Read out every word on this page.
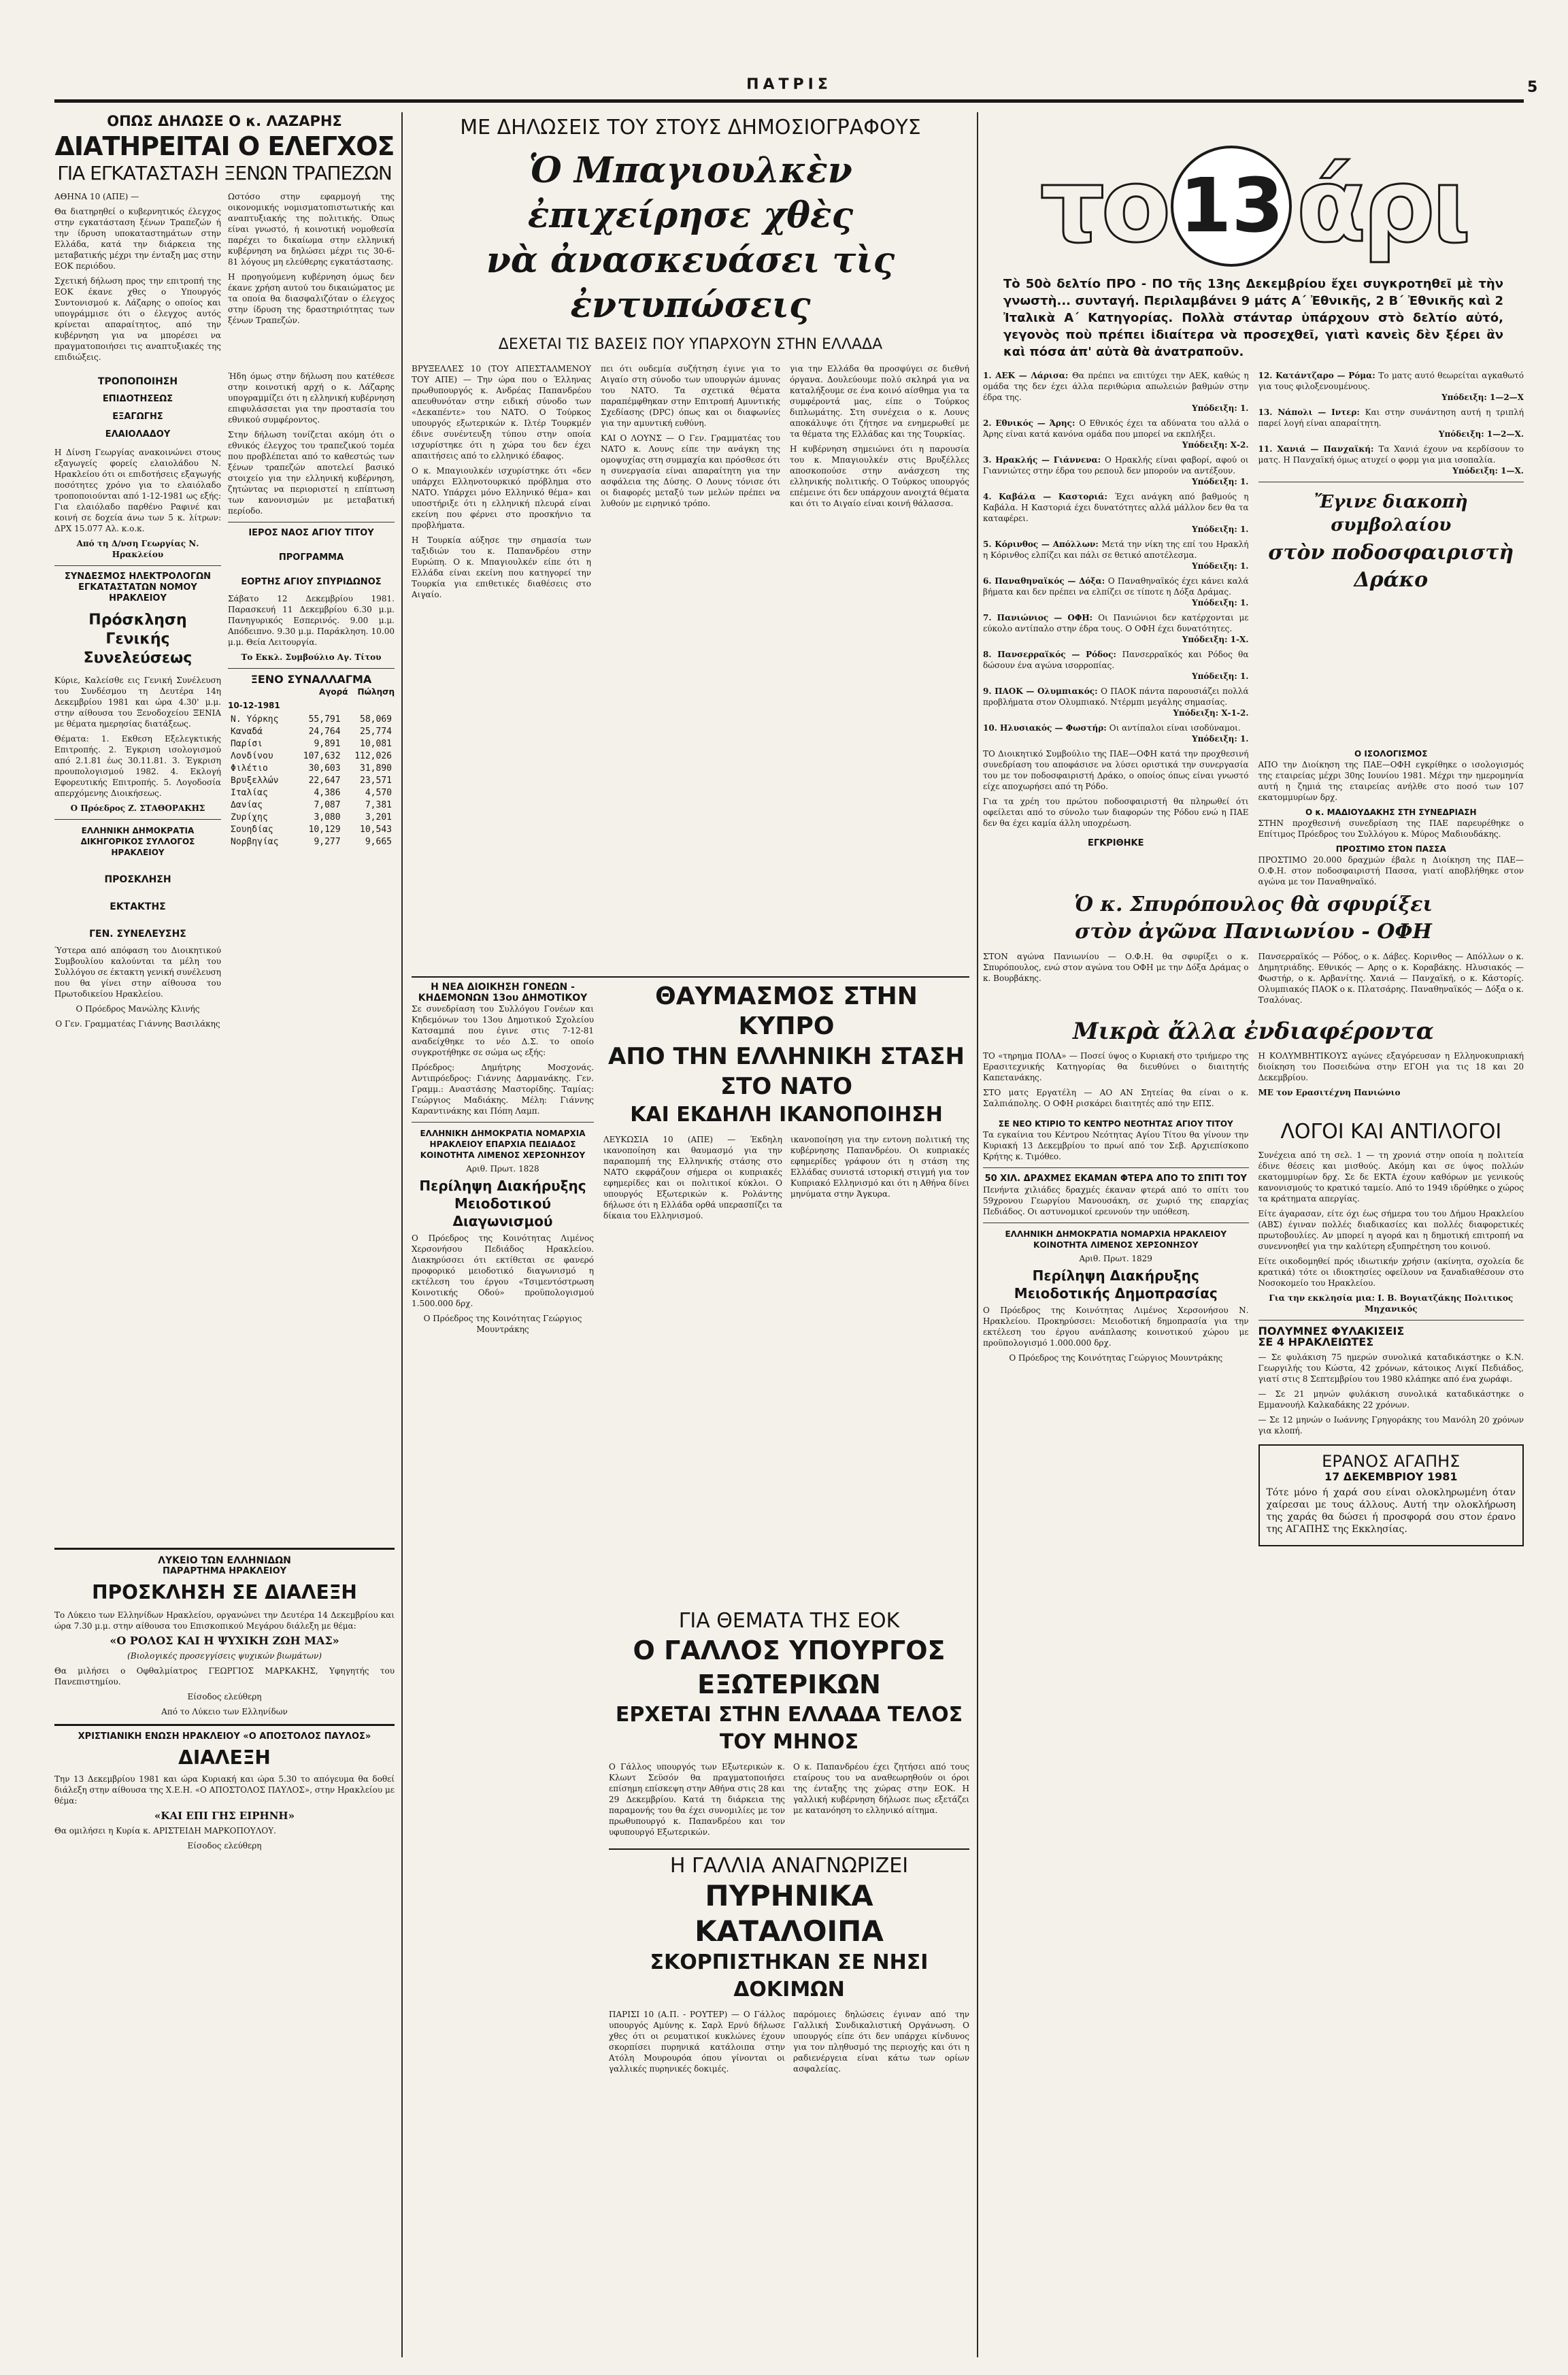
ΠΑΤΡΙΣ	5
ΟΠΩΣ ΔΗΛΩΣΕ Ο κ. ΛΑΖΑΡΗΣ
ΔΙΑΤΗΡΕΙΤΑΙ Ο ΕΛΕΓΧΟΣ
ΓΙΑ ΕΓΚΑΤΑΣΤΑΣΗ ΞΕΝΩΝ ΤΡΑΠΕΖΩΝ

ΑΘΗΝΑ 10 (ΑΠΕ) —

Θα διατηρηθεί ο κυβερνητικός έλεγχος στην εγκατάσταση ξένων Τραπεζών ή την ίδρυση υποκαταστημάτων στην Ελλάδα, κατά την διάρκεια της μεταβατικής μέχρι την ένταξη μας στην ΕΟΚ περιόδου.

Σχετική δήλωση προς την επιτροπή της ΕΟΚ έκανε χθες ο Υπουργός Συντονισμού κ. Λάζαρης ο οποίος και υπογράμμισε ότι ο έλεγχος αυτός κρίνεται απαραίτητος, από την κυβέρνηση για να μπορέσει να πραγματοποιήσει τις αναπτυξιακές της επιδιώξεις.

Ωστόσο στην εφαρμογή της οικονομικής νομισματοπιστωτικής και αναπτυξιακής της πολιτικής. Όπως είναι γνωστό, ή κοινοτική νομοθεσία παρέχει το δικαίωμα στην ελληνική κυβέρνηση να δηλώσει μέχρι τις 30-6-81 λόγους μη ελεύθερης εγκατάστασης.

Η προηγούμενη κυβέρνηση όμως δεν έκανε χρήση αυτού του δικαιώματος με τα οποία θα διασφαλιζόταν ο έλεγχος στην ίδρυση της δραστηριότητας των ξένων Τραπεζών.

ΤΡΟΠΟΠΟΙΗΣΗ
ΕΠΙΔΟΤΗΣΕΩΣ
ΕΞΑΓΩΓΗΣ
ΕΛΑΙΟΛΑΔΟΥ

Η Δίνση Γεωργίας ανακοινώνει στους εξαγωγείς φορείς ελαιολάδου Ν. Ηρακλείου ότι οι επιδοτήσεις εξαγωγής ποσότητες χρόνο για το ελαιόλαδο τροποποιούνται από 1-12-1981 ως εξής: Για ελαιόλαδο παρθένο Ραφινέ και κοινή σε δοχεία άνω των 5 κ. λίτρων: ΔΡΧ 15.077 Αλ. κ.ο.κ.

Από τη Δ/νση Γεωργίας Ν. Ηρακλείου

ΣΥΝΔΕΣΜΟΣ ΗΛΕΚΤΡΟΛΟΓΩΝ ΕΓΚΑΤΑΣΤΑΤΩΝ ΝΟΜΟΥ ΗΡΑΚΛΕΙΟΥ
Πρόσκληση Γενικής Συνελεύσεως

Κύριε, Καλείσθε εις Γενική Συνέλευση του Συνδέσμου τη Δευτέρα 14η Δεκεμβρίου 1981 και ώρα 4.30' μ.μ. στην αίθουσα του Ξενοδοχείου ΞΕΝΙΑ με θέματα ημερησίας διατάξεως.

Θέματα: 1. Εκθεση Εξελεγκτικής Επιτροπής. 2. Έγκριση ισολογισμού από 2.1.81 έως 30.11.81. 3. Έγκριση προυπολογισμού 1982. 4. Εκλογή Εφορευτικής Επιτροπής. 5. Λογοδοσία απερχόμενης Διοικήσεως.

Ο Πρόεδρος Z. ΣΤΑΘΟΡΑΚΗΣ

ΕΛΛΗΝΙΚΗ ΔΗΜΟΚΡΑΤΙΑ ΔΙΚΗΓΟΡΙΚΟΣ ΣΥΛΛΟΓΟΣ ΗΡΑΚΛΕΙΟΥ
ΠΡΟΣΚΛΗΣΗ
ΕΚΤΑΚΤΗΣ
ΓΕΝ. ΣΥΝΕΛΕΥΣΗΣ

Ύστερα από απόφαση του Διοικητικού Συμβουλίου καλούνται τα μέλη του Συλλόγου σε έκτακτη γενική συνέλευση που θα γίνει στην αίθουσα του Πρωτοδικείου Ηρακλείου.

Ο Πρόεδρος Μανώλης Κλινής

Ο Γεν. Γραμματέας Γιάννης Βασιλάκης

Ήδη όμως στην δήλωση που κατέθεσε στην κοινοτική αρχή ο κ. Λάζαρης υπογραμμίζει ότι η ελληνική κυβέρνηση επιφυλάσσεται για την προστασία του εθνικού συμφέροντος.

Στην δήλωση τονίζεται ακόμη ότι ο εθνικός έλεγχος του τραπεζικού τομέα που προβλέπεται από το καθεστώς των ξένων τραπεζών αποτελεί βασικό στοιχείο για την ελληνική κυβέρνηση, ζητώντας να περιοριστεί η επίπτωση των κανονισμών με μεταβατική περίοδο.

ΙΕΡΟΣ ΝΑΟΣ ΑΓΙΟΥ ΤΙΤΟΥ
ΠΡΟΓΡΑΜΜΑ
ΕΟΡΤΗΣ ΑΓΙΟΥ ΣΠΥΡΙΔΩΝΟΣ

Σάβατο 12 Δεκεμβρίου 1981. Παρασκευή 11 Δεκεμβρίου 6.30 μ.μ. Πανηγυρικός Εσπερινός. 9.00 μ.μ. Απόδειπνο. 9.30 μ.μ. Παράκληση. 10.00 μ.μ. Θεία Λειτουργία.

Το Εκκλ. Συμβούλιο Αγ. Τίτου

ΞΕΝΟ ΣΥΝΑΛΛΑΓΜΑ
Αγορά Πώληση
10-12-1981
Ν. Υόρκης	55,791	58,069
Καναδά	24,764	25,774
Παρίσι	9,891	10,081
Λονδίνου	107,632	112,026
Φιλέτιο	30,603	31,890
Βρυξελλών	22,647	23,571
Ιταλίας	4,386	4,570
Δανίας	7,087	7,381
Ζυρίχης	3,080	3,201
Σουηδίας	10,129	10,543
Νορβηγίας	9,277	9,665
ΛΥΚΕΙΟ ΤΩΝ ΕΛΛΗΝΙΔΩΝ
ΠΑΡΑΡΤΗΜΑ ΗΡΑΚΛΕΙΟΥ
ΠΡΟΣΚΛΗΣΗ ΣΕ ΔΙΑΛΕΞΗ

Το Λύκειο των Ελληνίδων Ηρακλείου, οργανώνει την Δευτέρα 14 Δεκεμβρίου και ώρα 7.30 μ.μ. στην αίθουσα του Επισκοπικού Μεγάρου διάλεξη με θέμα:

«Ο ΡΟΛΟΣ ΚΑΙ Η ΨΥΧΙΚΗ ΖΩΗ ΜΑΣ»

(Βιολογικές προσεγγίσεις ψυχικών βιωμάτων)

Θα μιλήσει ο Οφθαλμίατρος ΓΕΩΡΓΙΟΣ ΜΑΡΚΑΚΗΣ, Υφηγητής του Πανεπιστημίου.

Είσοδος ελεύθερη

Από το Λύκειο των Ελληνίδων

ΧΡΙΣΤΙΑΝΙΚΗ ΕΝΩΣΗ ΗΡΑΚΛΕΙΟΥ «Ο ΑΠΟΣΤΟΛΟΣ ΠΑΥΛΟΣ»
ΔΙΑΛΕΞΗ

Την 13 Δεκεμβρίου 1981 και ώρα Κυριακή και ώρα 5.30 το απόγευμα θα δοθεί διάλεξη στην αίθουσα της Χ.Ε.Η. «Ο ΑΠΟΣΤΟΛΟΣ ΠΑΥΛΟΣ», στην Ηρακλείου με θέμα:

«ΚΑΙ ΕΠΙ ΓΗΣ ΕΙΡΗΝΗ»

Θα ομιλήσει η Κυρία κ. ΑΡΙΣΤΕΙΔΗ ΜΑΡΚΟΠΟΥΛΟΥ.

Είσοδος ελεύθερη

ΜΕ ΔΗΛΩΣΕΙΣ ΤΟΥ ΣΤΟΥΣ ΔΗΜΟΣΙΟΓΡΑΦΟΥΣ
Ὁ Μπαγιουλκὲν ἐπιχείρησε χθὲς
νὰ ἀνασκευάσει τὶς ἐντυπώσεις
ΔΕΧΕΤΑΙ ΤΙΣ ΒΑΣΕΙΣ ΠΟΥ ΥΠΑΡΧΟΥΝ ΣΤΗΝ ΕΛΛΑΔΑ

ΒΡΥΞΕΛΛΕΣ 10 (ΤΟΥ ΑΠΕΣΤΑΛΜΕΝΟΥ ΤΟΥ ΑΠΕ) — Την ώρα που ο Έλληνας πρωθυπουργός κ. Ανδρέας Παπανδρέου απευθυνόταν στην ειδική σύνοδο των «Δεκαπέντε» του ΝΑΤΟ. Ο Τούρκος υπουργός εξωτερικών κ. Ιλτέρ Τουρκμέν έδινε συνέντευξη τύπου στην οποία ισχυρίστηκε ότι η χώρα του δεν έχει απαιτήσεις από το ελληνικό έδαφος.

Ο κ. Μπαγιουλκέν ισχυρίστηκε ότι «δεν υπάρχει Ελληνοτουρκικό πρόβλημα στο ΝΑΤΟ. Υπάρχει μόνο Ελληνικό θέμα» και υποστήριξε ότι η ελληνική πλευρά είναι εκείνη που φέρνει στο προσκήνιο τα προβλήματα.

Η Τουρκία αύξησε την σημασία των ταξιδιών του κ. Παπανδρέου στην Ευρώπη. Ο κ. Μπαγιουλκέν είπε ότι η Ελλάδα είναι εκείνη που κατηγορεί την Τουρκία για επιθετικές διαθέσεις στο Αιγαίο.

πει ότι ουδεμία συζήτηση έγινε για το Αιγαίο στη σύνοδο των υπουργών άμυνας του ΝΑΤΟ. Τα σχετικά θέματα παραπέμφθηκαν στην Επιτροπή Αμυντικής Σχεδίασης (DPC) όπως και οι διαφωνίες για την αμυντική ευθύνη.

ΚΑΙ Ο ΛΟΥΝΣ — Ο Γεν. Γραμματέας του ΝΑΤΟ κ. Λουνς είπε την ανάγκη της ομοψυχίας στη συμμαχία και πρόσθεσε ότι η συνεργασία είναι απαραίτητη για την ασφάλεια της Δύσης. Ο Λουνς τόνισε ότι οι διαφορές μεταξύ των μελών πρέπει να λυθούν με ειρηνικό τρόπο.

για την Ελλάδα θα προσφύγει σε διεθνή όργανα. Δουλεύουμε πολύ σκληρά για να καταλήξουμε σε ένα κοινό αίσθημα για τα συμφέροντά μας, είπε ο Τούρκος διπλωμάτης. Στη συνέχεια ο κ. Λουνς αποκάλυψε ότι ζήτησε να ενημερωθεί με τα θέματα της Ελλάδας και της Τουρκίας.

Η κυβέρνηση σημειώνει ότι η παρουσία του κ. Μπαγιουλκέν στις Βρυξέλλες αποσκοπούσε στην ανάσχεση της ελληνικής πολιτικής. Ο Τούρκος υπουργός επέμεινε ότι δεν υπάρχουν ανοιχτά θέματα και ότι το Αιγαίο είναι κοινή θάλασσα.

Η ΝΕΑ ΔΙΟΙΚΗΣΗ ΓΟΝΕΩΝ - ΚΗΔΕΜΟΝΩΝ 13ου ΔΗΜΟΤΙΚΟΥ

Σε συνεδρίαση του Συλλόγου Γονέων και Κηδεμόνων του 13ου Δημοτικού Σχολείου Κατσαμπά που έγινε στις 7-12-81 αναδείχθηκε το νέο Δ.Σ. το οποίο συγκροτήθηκε σε σώμα ως εξής:

Πρόεδρος: Δημήτρης Μοσχονάς. Αντιπρόεδρος: Γιάννης Δαρμανάκης. Γεν. Γραμμ.: Αναστάσης Μαστορίδης. Ταμίας: Γεώργιος Μαδιάκης. Μέλη: Γιάννης Καραντινάκης και Πόπη Λαμπ.

ΕΛΛΗΝΙΚΗ ΔΗΜΟΚΡΑΤΙΑ ΝΟΜΑΡΧΙΑ ΗΡΑΚΛΕΙΟΥ ΕΠΑΡΧΙΑ ΠΕΔΙΑΔΟΣ ΚΟΙΝΟΤΗΤΑ ΛΙΜΕΝΟΣ ΧΕΡΣΟΝΗΣΟΥ
Αριθ. Πρωτ. 1828
Περίληψη Διακήρυξης Μειοδοτικού Διαγωνισμού

Ο Πρόεδρος της Κοινότητας Λιμένος Χερσονήσου Πεδιάδος Ηρακλείου. Διακηρύσσει ότι εκτίθεται σε φανερό προφορικό μειοδοτικό διαγωνισμό η εκτέλεση του έργου «Τσιμεντόστρωση Κοινοτικής Οδού» προϋπολογισμού 1.500.000 δρχ.

Ο Πρόεδρος της Κοινότητας Γεώργιος Μουντράκης

ΘΑΥΜΑΣΜΟΣ ΣΤΗΝ ΚΥΠΡΟ
ΑΠΟ ΤΗΝ ΕΛΛΗΝΙΚΗ ΣΤΑΣΗ ΣΤΟ ΝΑΤΟ
ΚΑΙ ΕΚΔΗΛΗ ΙΚΑΝΟΠΟΙΗΣΗ

ΛΕΥΚΩΣΙΑ 10 (ΑΠΕ) — Έκδηλη ικανοποίηση και θαυμασμό για την παραπομπή της Ελληνικής στάσης στο ΝΑΤΟ εκφράζουν σήμερα οι κυπριακές εφημερίδες και οι πολιτικοί κύκλοι. Ο υπουργός Εξωτερικών κ. Ρολάντης δήλωσε ότι η Ελλάδα ορθά υπερασπίζει τα δίκαια του Ελληνισμού.

ικανοποίηση για την εντονη πολιτική της κυβέρνησης Παπανδρέου. Οι κυπριακές εφημερίδες γράφουν ότι η στάση της Ελλάδας συνιστά ιστορική στιγμή για τον Κυπριακό Ελληνισμό και ότι η Αθήνα δίνει μηνύματα στην Άγκυρα.

ΓΙΑ ΘΕΜΑΤΑ ΤΗΣ ΕΟΚ
Ο ΓΑΛΛΟΣ ΥΠΟΥΡΓΟΣ ΕΞΩΤΕΡΙΚΩΝ
ΕΡΧΕΤΑΙ ΣΤΗΝ ΕΛΛΑΔΑ ΤΕΛΟΣ ΤΟΥ ΜΗΝΟΣ

Ο Γάλλος υπουργός των Εξωτερικών κ. Κλωντ Σεϋσόν θα πραγματοποιήσει επίσημη επίσκεψη στην Αθήνα στις 28 και 29 Δεκεμβρίου. Κατά τη διάρκεια της παραμονής του θα έχει συνομιλίες με τον πρωθυπουργό κ. Παπανδρέου και τον υφυπουργό Εξωτερικών.

Ο κ. Παπανδρέου έχει ζητήσει από τους εταίρους του να αναθεωρηθούν οι όροι της ένταξης της χώρας στην ΕΟΚ. Η γαλλική κυβέρνηση δήλωσε πως εξετάζει με κατανόηση το ελληνικό αίτημα.

Η ΓΑΛΛΙΑ ΑΝΑΓΝΩΡΙΖΕΙ
ΠΥΡΗΝΙΚΑ ΚΑΤΑΛΟΙΠΑ
ΣΚΟΡΠΙΣΤΗΚΑΝ ΣΕ ΝΗΣΙ ΔΟΚΙΜΩΝ

ΠΑΡΙΣΙ 10 (Α.Π. - ΡΟΥΤΕΡ) — Ο Γάλλος υπουργός Αμύνης κ. Σαρλ Ερνύ δήλωσε χθες ότι οι ρευματικοί κυκλώνες έχουν σκορπίσει πυρηνικά κατάλοιπα στην Ατόλη Μουρουρόα όπου γίνονται οι γαλλικές πυρηνικές δοκιμές.

παρόμοιες δηλώσεις έγιναν από την Γαλλική Συνδικαλιστική Οργάνωση. Ο υπουργός είπε ότι δεν υπάρχει κίνδυνος για τον πληθυσμό της περιοχής και ότι η ραδιενέργεια είναι κάτω των ορίων ασφαλείας.

το 13 άρι

Τὸ 50ὸ δελτίο ΠΡΟ - ΠΟ τῆς 13ης Δεκεμβρίου ἔχει συγκροτηθεῖ μὲ τὴν γνωστὴ... συνταγή. Περιλαμβάνει 9 μάτς Α΄ Ἐθνικῆς, 2 Β΄ Ἐθνικῆς καὶ 2 Ἰταλικὰ Α΄ Κατηγορίας. Πολλὰ στάνταρ ὑπάρχουν στὸ δελτίο αὐτό, γεγονὸς ποὺ πρέπει ἰδιαίτερα νὰ προσεχθεῖ, γιατὶ κανεὶς δὲν ξέρει ἂν καὶ πόσα ἀπ' αὐτὰ θὰ ἀνατραποῦν.

1. ΑΕΚ — Λάρισα: Θα πρέπει να επιτύχει την ΑΕΚ, καθώς η ομάδα της δεν έχει άλλα περιθώρια απωλειών βαθμών στην έδρα της.

Υπόδειξη: 1.

2. Εθνικός — Άρης: Ο Εθνικός έχει τα αδύνατα του αλλά ο Άρης είναι κατά κανόνα ομάδα που μπορεί να εκπλήξει.

Υπόδειξη: Χ-2.

3. Ηρακλής — Γιάννενα: Ο Ηρακλής είναι φαβορί, αφού οι Γιαννιώτες στην έδρα του ρεπουλ δεν μπορούν να αντέξουν.

Υπόδειξη: 1.

4. Καβάλα — Καστοριά: Έχει ανάγκη από βαθμούς η Καβάλα. Η Καστοριά έχει δυνατότητες αλλά μάλλον δεν θα τα καταφέρει.

Υπόδειξη: 1.

5. Κόρινθος — Απόλλων: Μετά την νίκη της επί του Ηρακλή η Κόρινθος ελπίζει και πάλι σε θετικό αποτέλεσμα.

Υπόδειξη: 1.

6. Παναθηναϊκός — Δόξα: Ο Παναθηναϊκός έχει κάνει καλά βήματα και δεν πρέπει να ελπίζει σε τίποτε η Δόξα Δράμας.

Υπόδειξη: 1.

7. Πανιώνιος — ΟΦΗ: Οι Πανιώνιοι δεν κατέρχονται με εύκολο αντίπαλο στην έδρα τους. Ο ΟΦΗ έχει δυνατότητες.

Υπόδειξη: 1-Χ.

8. Πανσερραϊκός — Ρόδος: Πανσερραϊκός και Ρόδος θα δώσουν ένα αγώνα ισορροπίας.

Υπόδειξη: 1.

9. ΠΑΟΚ — Ολυμπιακός: Ο ΠΑΟΚ πάντα παρουσιάζει πολλά προβλήματα στον Ολυμπιακό. Ντέρμπι μεγάλης σημασίας.

Υπόδειξη: Χ-1-2.

10. Ηλυσιακός — Φωστήρ: Οι αντίπαλοι είναι ισοδύναμοι.

Υπόδειξη: 1.

12. Κατάντζαρο — Ρόμα: Το ματς αυτό θεωρείται αγκαθωτό για τους φιλοξενουμένους.

Υπόδειξη: 1—2—Χ

13. Νάπολι — Ιντερ: Και στην συνάντηση αυτή η τριπλή παρεί λογή είναι απαραίτητη.

Υπόδειξη: 1—2—Χ.

11. Χανιά — Πανχαϊκή: Τα Χανιά έχουν να κερδίσουν το ματς. Η Πανχαϊκή όμως ατυχεί ο φορμ για μια ισοπαλία.

Υπόδειξη: 1—Χ.
Ἔγινε διακοπὴ συμβολαίου
στὸν ποδοσφαιριστὴ Δράκο

ΤΟ Διοικητικό Συμβούλιο της ΠΑΕ—ΟΦΗ κατά την προχθεσινή συνεδρίαση του αποφάσισε να λύσει οριστικά την συνεργασία του με τον ποδοσφαιριστή Δράκο, ο οποίος όπως είναι γνωστό είχε αποχωρήσει από τη Ρόδο.

Για τα χρέη του πρώτου ποδοσφαιριστή θα πληρωθεί ότι οφείλεται από το σύνολο των διαφορών της Ρόδου ενώ η ΠΑΕ δεν θα έχει καμία άλλη υποχρέωση.

ΕΓΚΡΙΘΗΚΕ
Ο ΙΣΟΛΟΓΙΣΜΟΣ

ΑΠΟ την Διοίκηση της ΠΑΕ—ΟΦΗ εγκρίθηκε ο ισολογισμός της εταιρείας μέχρι 30ης Ιουνίου 1981. Μέχρι την ημερομηνία αυτή η ζημιά της εταιρείας ανήλθε στο ποσό των 107 εκατομμυρίων δρχ.

Ο κ. ΜΑΔΙΟΥΔΑΚΗΣ ΣΤΗ ΣΥΝΕΔΡΙΑΣΗ

ΣΤΗΝ προχθεσινή συνεδρίαση της ΠΑΕ παρευρέθηκε ο Επίτιμος Πρόεδρος του Συλλόγου κ. Μύρος Μαδιουδάκης.

ΠΡΟΣΤΙΜΟ ΣΤΟΝ ΠΑΣΣΑ

ΠΡΟΣΤΙΜΟ 20.000 δραχμών έβαλε η Διοίκηση της ΠΑΕ—Ο.Φ.Η. στον ποδοσφαιριστή Πασσα, γιατί αποβλήθηκε στον αγώνα με τον Παναθηναϊκό.

Ὁ κ. Σπυρόπουλος θὰ σφυρίξει
στὸν ἀγῶνα Πανιωνίου - ΟΦΗ

ΣΤΟΝ αγώνα Πανιωνίου — Ο.Φ.Η. θα σφυρίξει ο κ. Σπυρόπουλος, ενώ στον αγώνα του ΟΦΗ με την Δόξα Δράμας ο κ. Βουρβάκης.

Πανσερραϊκός — Ρόδος, ο κ. Δάβες. Κορινθος — Απόλλων ο κ. Δημητριάδης. Εθνικός — Αρης ο κ. Κοραβάκης. Ηλυσιακός — Φωστήρ, ο κ. Αρβανίτης. Χανιά — Πανχαϊκή, ο κ. Κάστορίς. Ολυμπιακός ΠΑΟΚ ο κ. Πλατσάρης. Παναθηναϊκός — Δόξα ο κ. Τσαλόνας.

Μικρὰ ἄλλα ἐνδιαφέροντα

ΤΟ «τηρημα ΠΟΛΑ» — Ποσεί ύψος ο Κυριακή στο τριήμερο της Ερασιτεχνικής Κατηγορίας θα διευθύνει ο διαιτητής Καπετανάκης.

ΣΤΟ ματς Εργατέλη — ΑΟ ΑΝ Σητείας θα είναι ο κ. Σαλπιάπολης. Ο ΟΦΗ ρισκάρει διαιτητές από την ΕΠΣ.

Η ΚΟΛΥΜΒΗΤΙΚΟΥΣ αγώνες εξαγόρευσαν η Ελληνοκυπριακή διοίκηση του Ποσειδώνα στην ΕΓΟΗ για τις 18 και 20 Δεκεμβρίου.

ΜΕ τον Ερασιτέχνη Πανιώνιο

ΣΕ ΝΕΟ ΚΤΙΡΙΟ ΤΟ ΚΕΝΤΡΟ ΝΕΟΤΗΤΑΣ ΑΓΙΟΥ ΤΙΤΟΥ

Τα εγκαίνια του Κέντρου Νεότητας Αγίου Τίτου θα γίνουν την Κυριακή 13 Δεκεμβρίου το πρωί από τον Σεβ. Αρχιεπίσκοπο Κρήτης κ. Τιμόθεο.

50 ΧΙΛ. ΔΡΑΧΜΕΣ ΕΚΑΜΑΝ ΦΤΕΡΑ ΑΠΟ ΤΟ ΣΠΙΤΙ ΤΟΥ

Πενήντα χιλιάδες δραχμές έκαναν φτερά από το σπίτι του 59χρονου Γεωργίου Μανουσάκη, σε χωριό της επαρχίας Πεδιάδος. Οι αστυνομικοί ερευνούν την υπόθεση.

ΕΛΛΗΝΙΚΗ ΔΗΜΟΚΡΑΤΙΑ ΝΟΜΑΡΧΙΑ ΗΡΑΚΛΕΙΟΥ ΚΟΙΝΟΤΗΤΑ ΛΙΜΕΝΟΣ ΧΕΡΣΟΝΗΣΟΥ
Αριθ. Πρωτ. 1829
Περίληψη Διακήρυξης Μειοδοτικής Δημοπρασίας

Ο Πρόεδρος της Κοινότητας Λιμένος Χερσονήσου Ν. Ηρακλείου. Προκηρύσσει: Μειοδοτική δημοπρασία για την εκτέλεση του έργου ανάπλασης κοινοτικού χώρου με προϋπολογισμό 1.000.000 δρχ.

Ο Πρόεδρος της Κοινότητας Γεώργιος Μουντράκης

ΛΟΓΟΙ ΚΑΙ ΑΝΤΙΛΟΓΟΙ

Συνέχεια από τη σελ. 1 — τη χρονιά στην οποία η πολιτεία έδινε θέσεις και μισθούς. Ακόμη και σε ύψος πολλών εκατομμυρίων δρχ. Σε δε ΕΚΤΑ έχουν καθόρων με γενικούς κανονισμούς το κρατικό ταμείο. Από το 1949 ιδρύθηκε ο χώρος τα κράτηματα απεργίας.

Είτε άγαρασαν, είτε όχι έως σήμερα του του Δήμου Ηρακλείου (ΑΒΣ) έγιναν πολλές διαδικασίες και πολλές διαφορετικές πρωτοβουλίες. Αν μπορεί η αγορά και η δημοτική επιτροπή να συνεννοηθεί για την καλύτερη εξυπηρέτηση του κοινού.

Είτε οικοδομηθεί πρός ιδιωτικήν χρήσιν (ακίνητα, σχολεία δε κρατικά) τότε οι ιδιοκτησίες οφείλουν να ξαναδιαθέσουν στο Νοσοκομείο του Ηρακλείου.

Για την εκκλησία μια: Ι. Β. Βογιατζάκης Πολιτικος Μηχανικός

ΠΟΛΥΜΝΕΣ ΦΥΛΑΚΙΣΕΙΣ
ΣΕ 4 ΗΡΑΚΛΕΙΩΤΕΣ

— Σε φυλάκιση 75 ημερών συνολικά καταδικάστηκε ο Κ.Ν. Γεωργιλής του Κώστα, 42 χρόνων, κάτοικος Λιγκί Πεδιάδος, γιατί στις 8 Σεπτεμβρίου του 1980 κλάπηκε από ένα χωράφι.

— Σε 21 μηνών φυλάκιση συνολικά καταδικάστηκε ο Εμμανουήλ Καλκαδάκης 22 χρόνων.

— Σε 12 μηνών ο Ιωάννης Γρηγοράκης του Μανόλη 20 χρόνων για κλοπή.

ΕΡΑΝΟΣ ΑΓΑΠΗΣ
17 ΔΕΚΕΜΒΡΙΟΥ 1981

Τότε μόνο ή χαρά σου είναι ολοκληρωμένη όταν χαίρεσαι με τους άλλους. Αυτή την ολοκλήρωση της χαράς θα δώσει ή προσφορά σου στον έρανο της ΑΓΑΠΗΣ της Εκκλησίας.
